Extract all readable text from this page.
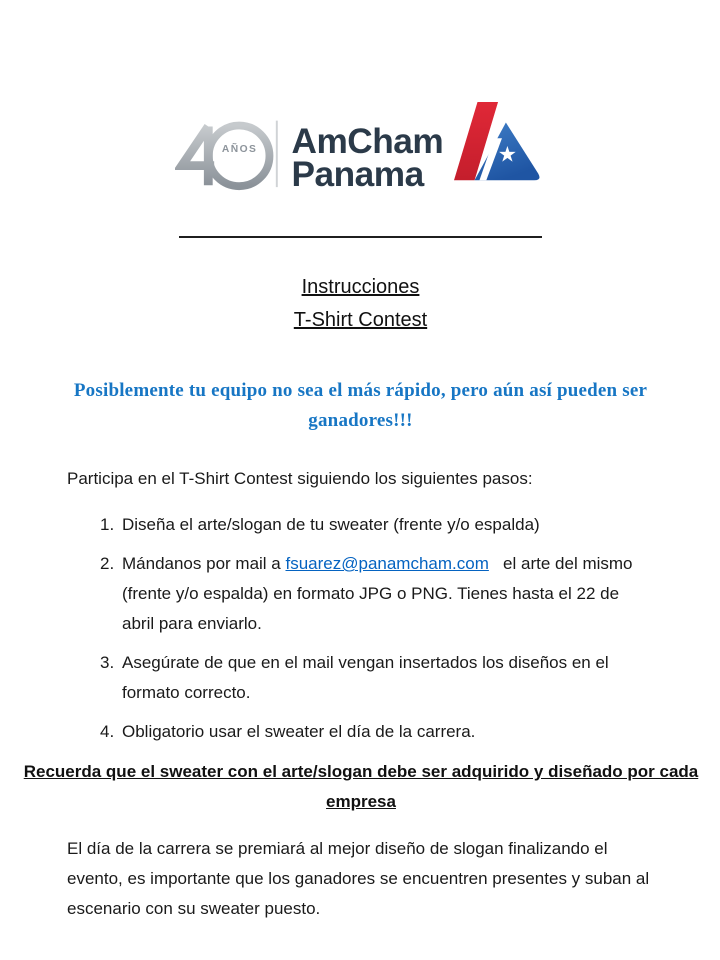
AÑOS AmCham
Panama
★
Instrucciones
T-Shirt Contest

Posiblemente tu equipo no sea el más rápido, pero aún así pueden ser ganadores!!!

Participa en el T-Shirt Contest siguiendo los siguientes pasos:

1. Diseña el arte/slogan de tu sweater (frente y/o espalda)
2. Mándanos por mail a fsuarez@panamcham.com   el arte del mismo (frente y/o espalda) en formato JPG o PNG. Tienes hasta el 22 de abril para enviarlo.
3. Asegúrate de que en el mail vengan insertados los diseños en el formato correcto.
4. Obligatorio usar el sweater el día de la carrera.

Recuerda que el sweater con el arte/slogan debe ser adquirido y diseñado por cada empresa

El día de la carrera se premiará al mejor diseño de slogan finalizando el evento, es importante que los ganadores se encuentren presentes y suban al escenario con su sweater puesto.
